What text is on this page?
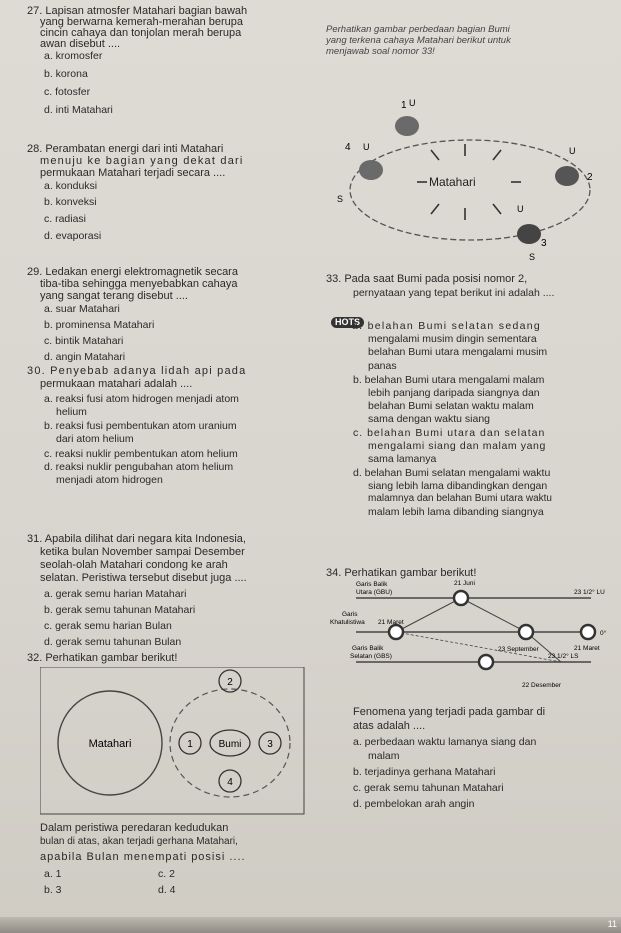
27. Lapisan atmosfer Matahari bagian bawah
yang berwarna kemerah-merahan berupa
cincin cahaya dan tonjolan merah berupa
awan disebut ....
a. kromosfer
b. korona
c. fotosfer
d. inti Matahari
Perhatikan gambar perbedaan bagian Bumi
yang terkena cahaya Matahari berikut untuk
menjawab soal nomor 33!
Matahari
1 U
2
U
3
U
S
4 U
S
28. Perambatan energi dari inti Matahari
menuju ke bagian yang dekat dari
permukaan Matahari terjadi secara ....
a. konduksi
b. konveksi
c. radiasi
d. evaporasi
29. Ledakan energi elektromagnetik secara
tiba-tiba sehingga menyebabkan cahaya
yang sangat terang disebut ....
a. suar Matahari
b. prominensa Matahari
c. bintik Matahari
d. angin Matahari
33. Pada saat Bumi pada posisi nomor 2,
pernyataan yang tepat berikut ini adalah ....
HOTS
a. belahan Bumi selatan sedang
mengalami musim dingin sementara
belahan Bumi utara mengalami musim
panas
b. belahan Bumi utara mengalami malam
lebih panjang daripada siangnya dan
belahan Bumi selatan waktu malam
sama dengan waktu siang
c. belahan Bumi utara dan selatan
mengalami siang dan malam yang
sama lamanya
d. belahan Bumi selatan mengalami waktu
siang lebih lama dibandingkan dengan
malamnya dan belahan Bumi utara waktu
malam lebih lama dibanding siangnya
30. Penyebab adanya lidah api pada
permukaan matahari adalah ....
a. reaksi fusi atom hidrogen menjadi atom
helium
b. reaksi fusi pembentukan atom uranium
dari atom helium
c. reaksi nuklir pembentukan atom helium
d. reaksi nuklir pengubahan atom helium
menjadi atom hidrogen
31. Apabila dilihat dari negara kita Indonesia,
ketika bulan November sampai Desember
seolah-olah Matahari condong ke arah
selatan. Peristiwa tersebut disebut juga ....
a. gerak semu harian Matahari
b. gerak semu tahunan Matahari
c. gerak semu harian Bulan
d. gerak semu tahunan Bulan
32. Perhatikan gambar berikut!
Matahari
2
1	Bumi	3
4
Dalam peristiwa peredaran kedudukan
bulan di atas, akan terjadi gerhana Matahari,
apabila Bulan menempati posisi ....
a. 1
b. 3
c. 2
d. 4
34. Perhatikan gambar berikut!
Garis Balik
Utara (GBU)
Garis
Khatulistiwa
Garis Balik
Selatan (GBS)
21 Juni
21 Maret
23 September	21 Maret
22 Desember
23 1/2° LU
0°
23 1/2° LS
Fenomena yang terjadi pada gambar di
atas adalah ....
a. perbedaan waktu lamanya siang dan
malam
b. terjadinya gerhana Matahari
c. gerak semu tahunan Matahari
d. pembelokan arah angin
11
